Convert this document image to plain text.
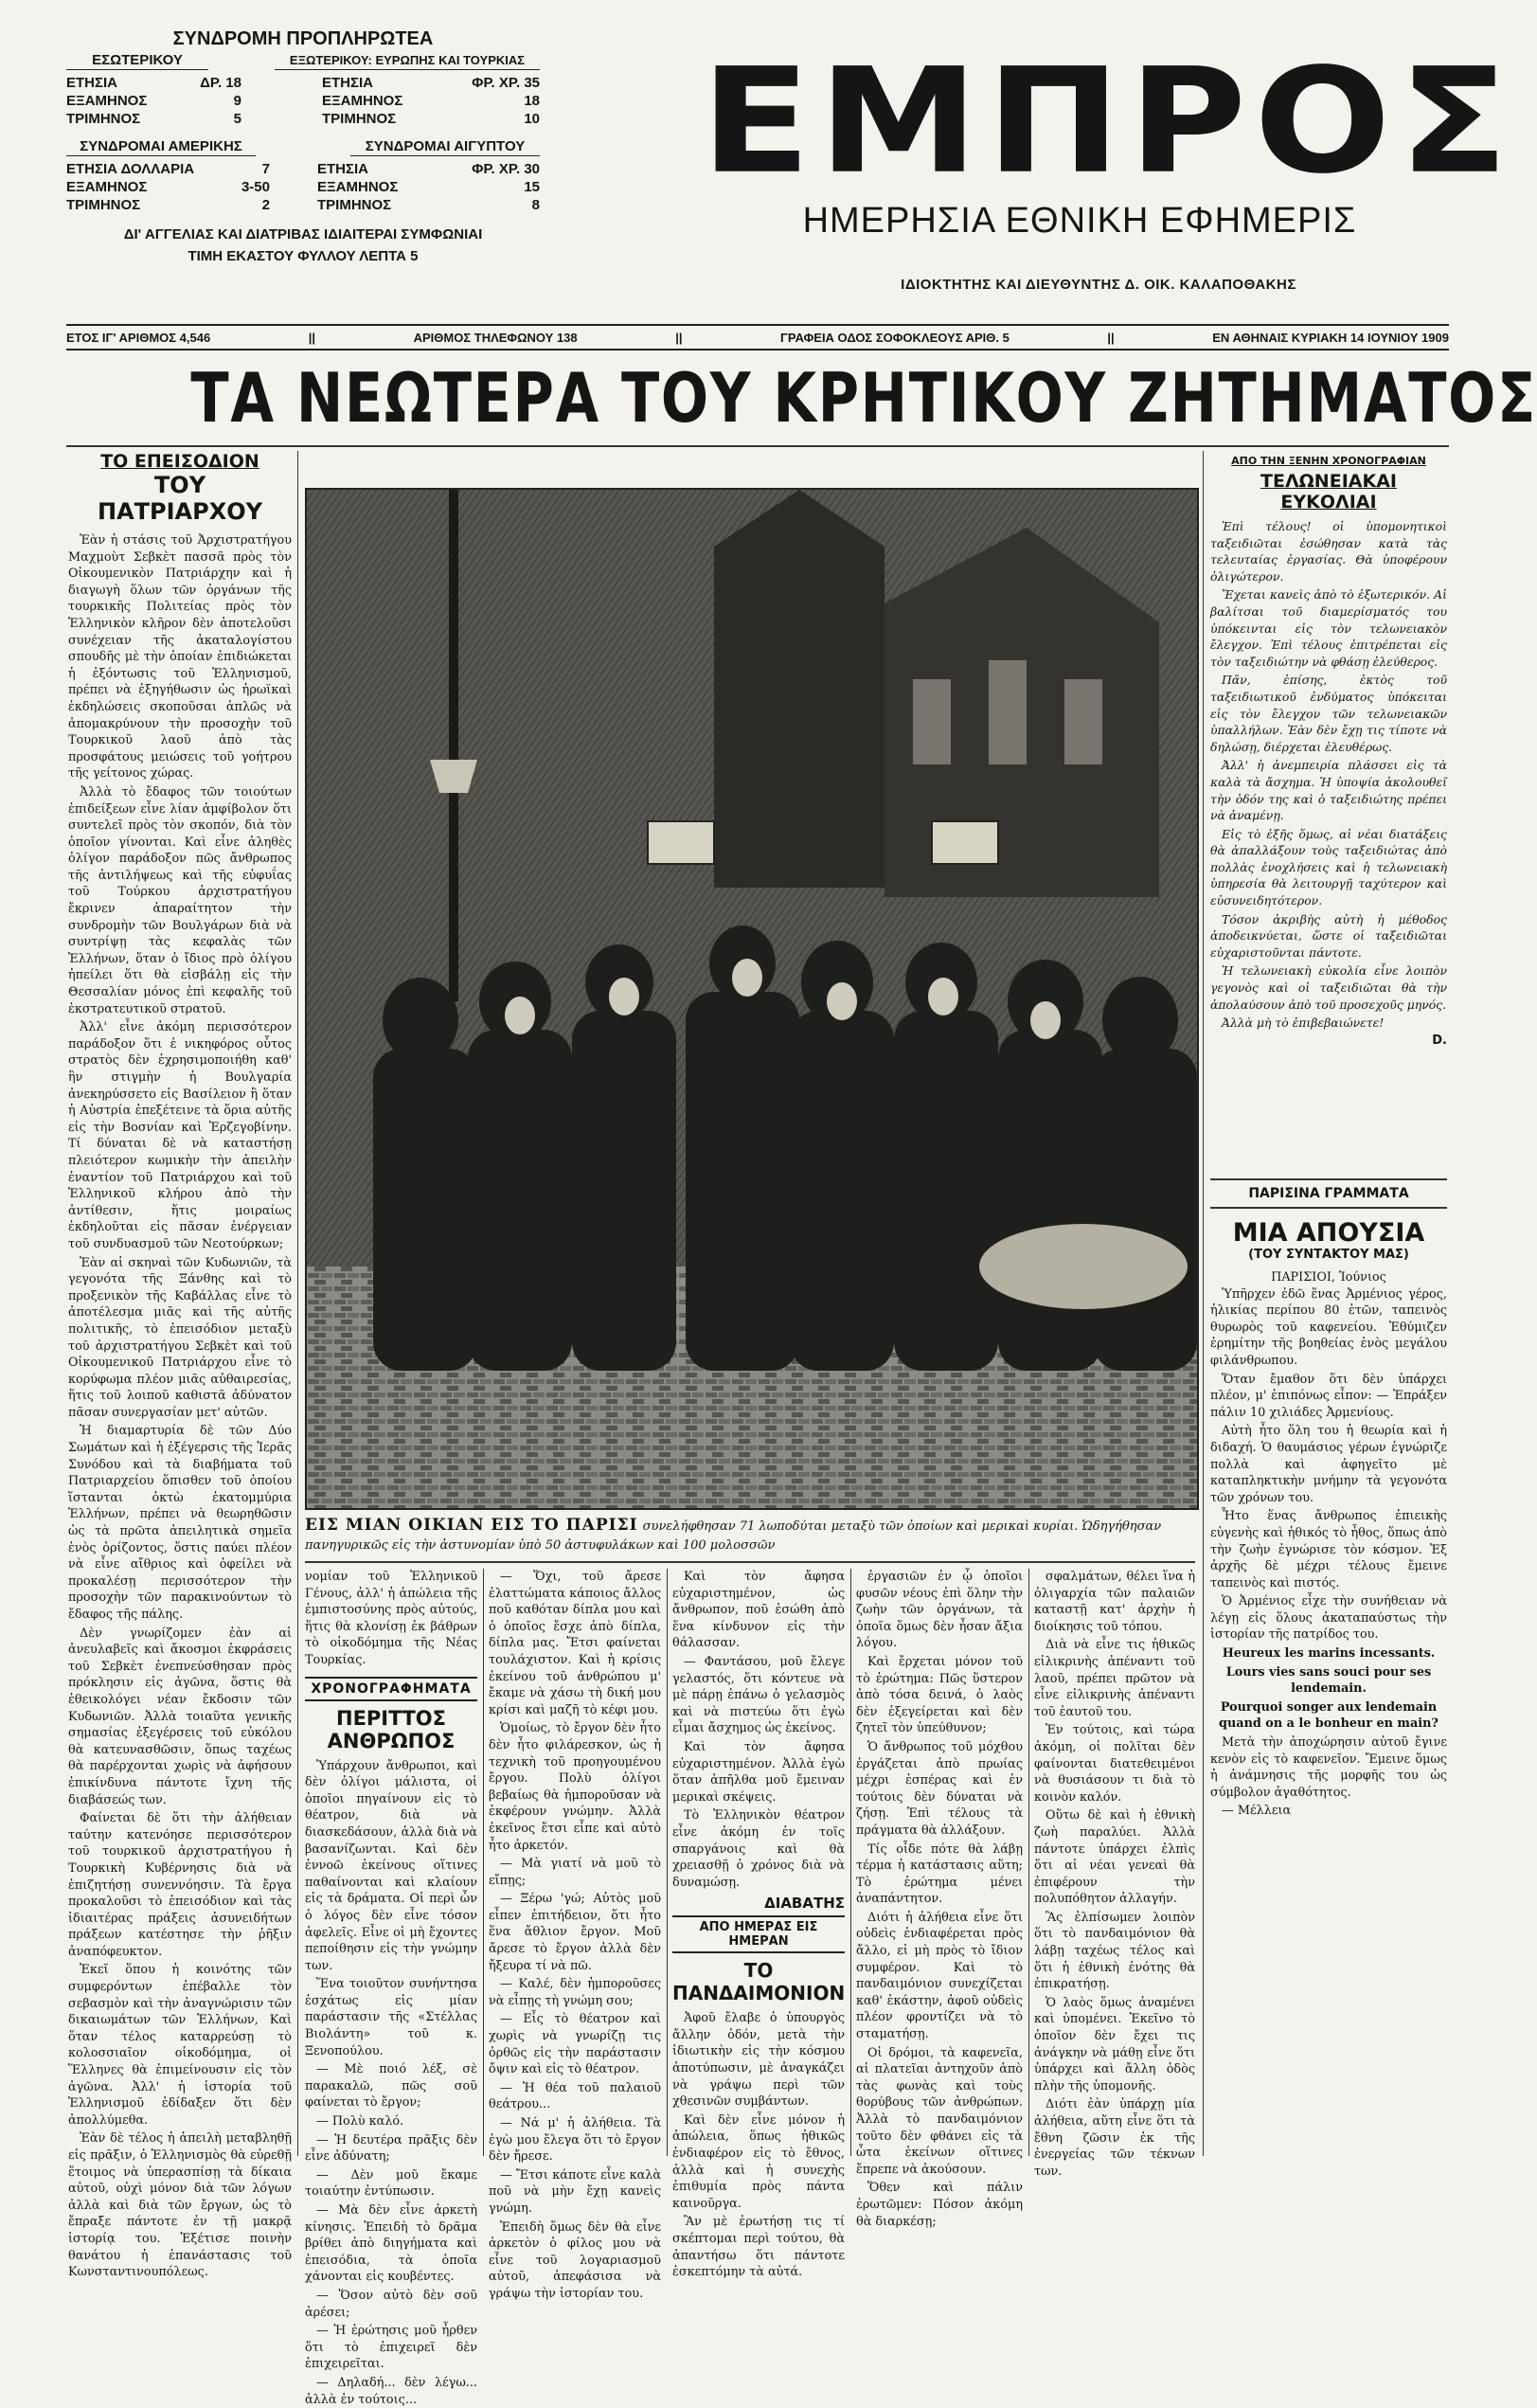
ΣΥΝΔΡΟΜΗ ΠΡΟΠΛΗΡΩΤΕΑ
ΕΣΩΤΕΡΙΚΟΥ	ΕΞΩΤΕΡΙΚΟΥ: ΕΥΡΩΠΗΣ ΚΑΙ ΤΟΥΡΚΙΑΣ
ΕΤΗΣΙΑ	ΔΡ. 18
ΕΞΑΜΗΝΟΣ	9
ΤΡΙΜΗΝΟΣ	5
ΕΤΗΣΙΑ	ΦΡ. ΧΡ. 35
ΕΞΑΜΗΝΟΣ	18
ΤΡΙΜΗΝΟΣ	10
ΣΥΝΔΡΟΜΑΙ ΑΜΕΡΙΚΗΣ	ΣΥΝΔΡΟΜΑΙ ΑΙΓΥΠΤΟΥ
ΕΤΗΣΙΑ ΔΟΛΛΑΡΙΑ	7
ΕΞΑΜΗΝΟΣ	3-50
ΤΡΙΜΗΝΟΣ	2
ΕΤΗΣΙΑ	ΦΡ. ΧΡ. 30
ΕΞΑΜΗΝΟΣ	15
ΤΡΙΜΗΝΟΣ	8
ΔΙ' ΑΓΓΕΛΙΑΣ ΚΑΙ ΔΙΑΤΡΙΒΑΣ ΙΔΙΑΙΤΕΡΑΙ ΣΥΜΦΩΝΙΑΙ
ΤΙΜΗ ΕΚΑΣΤΟΥ ΦΥΛΛΟΥ ΛΕΠΤΑ 5
ΕΜΠΡΟΣ
ΗΜΕΡΗΣΙΑ ΕΘΝΙΚΗ ΕΦΗΜΕΡΙΣ
ΙΔΙΟΚΤΗΤΗΣ ΚΑΙ ΔΙΕΥΘΥΝΤΗΣ Δ. ΟΙΚ. ΚΑΛΑΠΟΘΑΚΗΣ
ΕΤΟΣ ΙΓ' ΑΡΙΘΜΟΣ 4,546	||	ΑΡΙΘΜΟΣ ΤΗΛΕΦΩΝΟΥ 138	||	ΓΡΑΦΕΙΑ ΟΔΟΣ ΣΟΦΟΚΛΕΟΥΣ ΑΡΙΘ. 5	||	ΕΝ ΑΘΗΝΑΙΣ ΚΥΡΙΑΚΗ 14 ΙΟΥΝΙΟΥ 1909
ΤΑ ΝΕΩΤΕΡΑ ΤΟΥ ΚΡΗΤΙΚΟΥ ΖΗΤΗΜΑΤΟΣ
ΤΟ ΕΠΕΙΣΟΔΙΟΝ
ΤΟΥ ΠΑΤΡΙΑΡΧΟΥ

Ἐὰν ἡ στάσις τοῦ Ἀρχιστρατήγου Μαχμοὺτ Σεβκὲτ πασσᾶ πρὸς τὸν Οἰκουμενικὸν Πατριάρχην καὶ ἡ διαγωγὴ ὅλων τῶν ὀργάνων τῆς τουρκικῆς Πολιτείας πρὸς τὸν Ἑλληνικὸν κλῆρον δὲν ἀποτελοῦσι συνέχειαν τῆς ἀκαταλογίστου σπουδῆς μὲ τὴν ὁποίαν ἐπιδιώκεται ἡ ἐξόντωσις τοῦ Ἑλληνισμοῦ, πρέπει νὰ ἐξηγήθωσιν ὡς ἠρωϊκαὶ ἐκδηλώσεις σκοποῦσαι ἁπλῶς νὰ ἀπομακρύνουν τὴν προσοχὴν τοῦ Τουρκικοῦ λαοῦ ἀπὸ τὰς προσφάτους μειώσεις τοῦ γοήτρου τῆς γείτονος χώρας.

Ἀλλὰ τὸ ἔδαφος τῶν τοιούτων ἐπιδείξεων εἶνε λίαν ἀμφίβολον ὅτι συντελεῖ πρὸς τὸν σκοπόν, διὰ τὸν ὁποῖον γίνονται. Καὶ εἶνε ἀληθὲς ὀλίγον παράδοξον πῶς ἄνθρωπος τῆς ἀντιλήψεως καὶ τῆς εὐφυΐας τοῦ Τούρκου ἀρχιστρατήγου ἔκρινεν ἀπαραίτητον τὴν συνδρομὴν τῶν Βουλγάρων διὰ νὰ συντρίψῃ τὰς κεφαλὰς τῶν Ἑλλήνων, ὅταν ὁ ἴδιος πρὸ ὀλίγου ἠπείλει ὅτι θὰ εἰσβάλῃ εἰς τὴν Θεσσαλίαν μόνος ἐπὶ κεφαλῆς τοῦ ἐκστρατευτικοῦ στρατοῦ.

Ἀλλ' εἶνε ἀκόμη περισσότερον παράδοξον ὅτι ἐ νικηφόρος οὗτος στρατὸς δὲν ἐχρησιμοποιήθη καθ' ἣν στιγμὴν ἡ Βουλγαρία ἀνεκηρύσσετο εἰς Βασίλειον ἢ ὅταν ἡ Αὐστρία ἐπεξέτεινε τὰ ὅρια αὐτῆς εἰς τὴν Βοσνίαν καὶ Ἐρζεγοβίνην. Τί δύναται δὲ νὰ καταστήσῃ πλειότερον κωμικὴν τὴν ἀπειλὴν ἐναντίον τοῦ Πατριάρχου καὶ τοῦ Ἑλληνικοῦ κλήρου ἀπὸ τὴν ἀντίθεσιν, ἥτις μοιραίως ἐκδηλοῦται εἰς πᾶσαν ἐνέργειαν τοῦ συνδυασμοῦ τῶν Νεοτούρκων;

Ἐὰν αἱ σκηναὶ τῶν Κυδωνιῶν, τὰ γεγονότα τῆς Ξάνθης καὶ τὸ προξενικὸν τῆς Καβάλλας εἶνε τὸ ἀποτέλεσμα μιᾶς καὶ τῆς αὐτῆς πολιτικῆς, τὸ ἐπεισόδιον μεταξὺ τοῦ ἀρχιστρατήγου Σεβκὲτ καὶ τοῦ Οἰκουμενικοῦ Πατριάρχου εἶνε τὸ κορύφωμα πλέον μιᾶς αὐθαιρεσίας, ἥτις τοῦ λοιποῦ καθιστᾶ ἀδύνατον πᾶσαν συνεργασίαν μετ' αὐτῶν.

Ἡ διαμαρτυρία δὲ τῶν Δύο Σωμάτων καὶ ἡ ἐξέγερσις τῆς Ἱερᾶς Συνόδου καὶ τὰ διαβήματα τοῦ Πατριαρχείου ὅπισθεν τοῦ ὁποίου ἵστανται ὀκτὼ ἑκατομμύρια Ἑλλήνων, πρέπει νὰ θεωρηθῶσιν ὡς τὰ πρῶτα ἀπειλητικὰ σημεῖα ἑνὸς ὁρίζοντος, ὅστις παύει πλέον νὰ εἶνε αἴθριος καὶ ὀφείλει νὰ προκαλέσῃ περισσότερον τὴν προσοχὴν τῶν παρακινούντων τὸ ἔδαφος τῆς πάλης.

Δὲν γνωρίζομεν ἐὰν αἱ ἀνευλαβεῖς καὶ ἄκοσμοι ἐκφράσεις τοῦ Σεβκὲτ ἐνεπνεύσθησαν πρὸς πρόκλησιν εἰς ἀγῶνα, ὅστις θὰ ἐθεικολόγει νέαν ἔκδοσιν τῶν Κυδωνιῶν. Ἀλλὰ τοιαῦτα γενικῆς σημασίας ἐξεγέρσεις τοῦ εὐκόλου θὰ κατευνασθῶσιν, ὅπως ταχέως θὰ παρέρχονται χωρὶς νὰ ἀφήσουν ἐπικίνδυνα πάντοτε ἴχνη τῆς διαβάσεώς των.

Φαίνεται δὲ ὅτι τὴν ἀλήθειαν ταύτην κατενόησε περισσότερον τοῦ τουρκικοῦ ἀρχιστρατήγου ἡ Τουρκικὴ Κυβέρνησις διὰ νὰ ἐπιζητήσῃ συνεννόησιν. Τὰ ἔργα προκαλοῦσι τὸ ἐπεισόδιον καὶ τὰς ἰδιαιτέρας πράξεις ἀσυνειδήτων πράξεων κατέστησε τὴν ῥῆξιν ἀναπόφευκτον.

Ἐκεῖ ὅπου ἡ κοινότης τῶν συμφερόντων ἐπέβαλλε τὸν σεβασμὸν καὶ τὴν ἀναγνώρισιν τῶν δικαιωμάτων τῶν Ἑλλήνων, Καὶ ὅταν τέλος καταρρεύσῃ τὸ κολοσσιαῖον οἰκοδόμημα, οἱ Ἕλληνες θὰ ἐπιμείνουσιν εἰς τὸν ἀγῶνα. Ἀλλ' ἡ ἱστορία τοῦ Ἑλληνισμοῦ ἐδίδαξεν ὅτι δὲν ἀπολλύμεθα.

Ἐὰν δὲ τέλος ἡ ἀπειλὴ μεταβληθῇ εἰς πρᾶξιν, ὁ Ἑλληνισμὸς θὰ εὑρεθῇ ἕτοιμος νὰ ὑπερασπίσῃ τὰ δίκαια αὐτοῦ, οὐχὶ μόνον διὰ τῶν λόγων ἀλλὰ καὶ διὰ τῶν ἔργων, ὡς τὸ ἔπραξε πάντοτε ἐν τῇ μακρᾷ ἱστορίᾳ του. Ἐξέτισε ποινὴν θανάτου ἡ ἐπανάστασις τοῦ Κωνσταντινουπόλεως.

ΕΙΣ ΜΙΑΝ ΟΙΚΙΑΝ ΕΙΣ ΤΟ ΠΑΡΙΣΙ συνελήφθησαν 71 λωποδύται μεταξὺ τῶν ὁποίων καὶ μερικαὶ κυρίαι. Ὡδηγήθησαν πανηγυρικῶς εἰς τὴν ἀστυνομίαν ὑπὸ 50 ἀστυφυλάκων καὶ 100 μολοσσῶν

νομίαν τοῦ Ἑλληνικοῦ Γένους, ἀλλ' ἡ ἀπώλεια τῆς ἐμπιστοσύνης πρὸς αὐτούς, ἥτις θὰ κλονίσῃ ἐκ βάθρων τὸ οἰκοδόμημα τῆς Νέας Τουρκίας.

ΧΡΟΝΟΓΡΑΦΗΜΑΤΑ
ΠΕΡΙΤΤΟΣ ΑΝΘΡΩΠΟΣ

Ὑπάρχουν ἄνθρωποι, καὶ δὲν ὀλίγοι μάλιστα, οἱ ὁποῖοι πηγαίνουν εἰς τὸ θέατρον, διὰ νὰ διασκεδάσουν, ἀλλὰ διὰ νὰ βασανίζωνται. Καὶ δὲν ἐννοῶ ἐκείνους οἵτινες παθαίνονται καὶ κλαίουν εἰς τὰ δράματα. Οἱ περὶ ὧν ὁ λόγος δὲν εἶνε τόσον ἀφελεῖς. Εἶνε οἱ μὴ ἔχοντες πεποίθησιν εἰς τὴν γνώμην των.

Ἕνα τοιοῦτον συνήντησα ἐσχάτως εἰς μίαν παράστασιν τῆς «Στέλλας Βιολάντη» τοῦ κ. Ξενοπούλου.

— Μὲ ποιό λέξ, σὲ παρακαλῶ, πῶς σοῦ φαίνεται τὸ ἔργον;

— Πολὺ καλό.

— Ἡ δευτέρα πρᾶξις δὲν εἶνε ἀδύνατη;

— Δὲν μοῦ ἔκαμε τοιαύτην ἐντύπωσιν.

— Μὰ δὲν εἶνε ἀρκετὴ κίνησις. Ἐπειδὴ τὸ δρᾶμα βρίθει ἀπὸ διηγήματα καὶ ἐπεισόδια, τὰ ὁποῖα χάνονται εἰς κουβέντες.

— Ὅσον αὐτὸ δὲν σοῦ ἀρέσει;

— Ἡ ἐρώτησις μοῦ ἦρθεν ὅτι τὸ ἐπιχειρεῖ δὲν ἐπιχειρεῖται.

— Δηλαδή... δὲν λέγω... ἀλλὰ ἐν τούτοις...

— Ὅχι, τοῦ ἄρεσε ἐλαττώματα κάποιος ἄλλος ποῦ καθόταν δίπλα μου καὶ ὁ ὁποῖος ἔσχε ἀπὸ δίπλα, δίπλα μας. Ἔτσι φαίνεται τουλάχιστον. Καὶ ἡ κρίσις ἐκείνου τοῦ ἀνθρώπου μ' ἔκαμε νὰ χάσω τὴ δική μου κρίσι καὶ μαζῆ τὸ κέφι μου.

Ὁμοίως, τὸ ἔργον δὲν ἦτο δὲν ἦτο φιλάρεσκον, ὡς ἡ τεχνικὴ τοῦ προηγουμένου ἔργου. Πολὺ ὁλίγοι βεβαίως θὰ ἠμποροῦσαν νὰ ἐκφέρουν γνώμην. Ἀλλὰ ἐκεῖνος ἔτσι εἶπε καὶ αὐτὸ ἦτο ἀρκετόν.

— Μὰ γιατί νὰ μοῦ τὸ εἴπῃς;

— Ξέρω 'γώ; Αὐτὸς μοῦ εἶπεν ἐπιτήδειον, ὅτι ἦτο ἕνα ἄθλιον ἔργον. Μοῦ ἄρεσε τὸ ἔργον ἀλλὰ δὲν ἤξευρα τί νὰ πῶ.

— Καλέ, δὲν ἠμποροῦσες νὰ εἶπῃς τὴ γνώμη σου;

— Εἶς τὸ θέατρον καὶ χωρὶς νὰ γνωρίζῃ τις ὀρθῶς εἰς τὴν παράστασιν ὄψιν καὶ εἰς τὸ θέατρον.

— Ἡ θέα τοῦ παλαιοῦ θεάτρου...

— Νά μ' ἡ ἀλήθεια. Τὰ ἐγὼ μου ἔλεγα ὅτι τὸ ἔργον δὲν ἤρεσε.

— Ἔτσι κάποτε εἶνε καλὰ ποῦ νὰ μὴν ἔχῃ κανεὶς γνώμη.

Ἐπειδὴ ὅμως δὲν θὰ εἶνε ἀρκετὸν ὁ φίλος μου νὰ εἶνε τοῦ λογαριασμοῦ αὐτοῦ, ἀπεφάσισα νὰ γράψω τὴν ἱστορίαν του.

Καὶ τὸν ἄφησα εὐχαριστημένον, ὡς ἄνθρωπον, ποῦ ἐσώθη ἀπὸ ἕνα κίνδυνον εἰς τὴν θάλασσαν.

— Φαντάσου, μοῦ ἔλεγε γελαστός, ὅτι κόντευε νὰ μὲ πάρῃ ἐπάνω ὁ γελασμὸς καὶ νὰ πιστεύω ὅτι ἐγὼ εἶμαι ἄσχημος ὡς ἐκείνος.

Καὶ τὸν ἄφησα εὐχαριστημένον. Ἀλλὰ ἐγὼ ὅταν ἀπῆλθα μοῦ ἔμειναν μερικαὶ σκέψεις.

Τὸ Ἑλληνικὸν θέατρον εἶνε ἀκόμη ἐν τοῖς σπαργάνοις καὶ θὰ χρειασθῇ ὁ χρόνος διὰ νὰ δυναμώσῃ.

ΔΙΑΒΑΤΗΣ
ΑΠΟ ΗΜΕΡΑΣ ΕΙΣ ΗΜΕΡΑΝ
ΤΟ ΠΑΝΔΑΙΜΟΝΙΟΝ

Ἀφοῦ ἔλαβε ὁ ὑπουργὸς ἄλλην ὁδόν, μετὰ τὴν ἰδιωτικὴν εἰς τὴν κόσμου ἀποτύπωσιν, μὲ ἀναγκάζει νὰ γράψω περὶ τῶν χθεσινῶν συμβάντων.

Καὶ δὲν εἶνε μόνον ἡ ἀπώλεια, ὅπως ἠθικῶς ἐνδιαφέρον εἰς τὸ ἔθνος, ἀλλὰ καὶ ἡ συνεχὴς ἐπιθυμία πρὸς πάντα καινοῦργα.

Ἂν μὲ ἐρωτήσῃ τις τί σκέπτομαι περὶ τούτου, θὰ ἀπαντήσω ὅτι πάντοτε ἐσκεπτόμην τὰ αὐτά.

ἐργασιῶν ἐν ᾧ ὁποῖοι φυσῶν νέους ἐπὶ ὅλην τὴν ζωὴν τῶν ὀργάνων, τὰ ὁποῖα ὅμως δὲν ἦσαν ἄξια λόγου.

Καὶ ἔρχεται μόνον τοῦ τὸ ἐρώτημα: Πῶς ὕστερον ἀπὸ τόσα δεινά, ὁ λαὸς δὲν ἐξεγείρεται καὶ δὲν ζητεῖ τὸν ὑπεύθυνον;

Ὁ ἄνθρωπος τοῦ μόχθου ἐργάζεται ἀπὸ πρωίας μέχρι ἑσπέρας καὶ ἐν τούτοις δὲν δύναται νὰ ζήσῃ. Ἐπὶ τέλους τὰ πράγματα θὰ ἀλλάξουν.

Τίς οἶδε πότε θὰ λάβῃ τέρμα ἡ κατάστασις αὕτη; Τὸ ἐρώτημα μένει ἀναπάντητον.

Διότι ἡ ἀλήθεια εἶνε ὅτι οὐδεὶς ἐνδιαφέρεται πρὸς ἄλλο, εἰ μὴ πρὸς τὸ ἴδιον συμφέρον. Καὶ τὸ πανδαιμόνιον συνεχίζεται καθ' ἑκάστην, ἀφοῦ οὐδεὶς πλέον φροντίζει νὰ τὸ σταματήσῃ.

Οἱ δρόμοι, τὰ καφενεῖα, αἱ πλατεῖαι ἀντηχοῦν ἀπὸ τὰς φωνὰς καὶ τοὺς θορύβους τῶν ἀνθρώπων. Ἀλλὰ τὸ πανδαιμόνιον τοῦτο δὲν φθάνει εἰς τὰ ὦτα ἐκείνων οἵτινες ἔπρεπε νὰ ἀκούσουν.

Ὅθεν καὶ πάλιν ἐρωτῶμεν: Πόσον ἀκόμη θὰ διαρκέσῃ;

σφαλμάτων, θέλει ἵνα ἡ ὀλιγαρχία τῶν παλαιῶν καταστῇ κατ' ἀρχὴν ἡ διοίκησις τοῦ τόπου.

Διὰ νὰ εἶνε τις ἠθικῶς εἰλικρινὴς ἀπέναντι τοῦ λαοῦ, πρέπει πρῶτον νὰ εἶνε εἰλικρινὴς ἀπέναντι τοῦ ἑαυτοῦ του.

Ἐν τούτοις, καὶ τώρα ἀκόμη, οἱ πολῖται δὲν φαίνονται διατεθειμένοι νὰ θυσιάσουν τι διὰ τὸ κοινὸν καλόν.

Οὕτω δὲ καὶ ἡ ἐθνικὴ ζωὴ παραλύει. Ἀλλὰ πάντοτε ὑπάρχει ἐλπὶς ὅτι αἱ νέαι γενεαὶ θὰ ἐπιφέρουν τὴν πολυπόθητον ἀλλαγήν.

Ἂς ἐλπίσωμεν λοιπὸν ὅτι τὸ πανδαιμόνιον θὰ λάβῃ ταχέως τέλος καὶ ὅτι ἡ ἐθνικὴ ἐνότης θὰ ἐπικρατήσῃ.

Ὁ λαὸς ὅμως ἀναμένει καὶ ὑπομένει. Ἐκεῖνο τὸ ὁποῖον δὲν ἔχει τις ἀνάγκην νὰ μάθῃ εἶνε ὅτι ὑπάρχει καὶ ἄλλη ὁδὸς πλὴν τῆς ὑπομονῆς.

Διότι ἐὰν ὑπάρχῃ μία ἀλήθεια, αὕτη εἶνε ὅτι τὰ ἔθνη ζῶσιν ἐκ τῆς ἐνεργείας τῶν τέκνων των.

ΑΠΟ ΤΗΝ ΞΕΝΗΝ ΧΡΟΝΟΓΡΑΦΙΑΝ
ΤΕΛΩΝΕΙΑΚΑΙ ΕΥΚΟΛΙΑΙ

Ἐπὶ τέλους! οἱ ὑπομονητικοὶ ταξειδιῶται ἐσώθησαν κατὰ τὰς τελευταίας ἐργασίας. Θὰ ὑποφέρουν ὀλιγώτερον.

Ἔχεται κανεὶς ἀπὸ τὸ ἐξωτερικόν. Αἱ βαλίτσαι τοῦ διαμερίσματός του ὑπόκεινται εἰς τὸν τελωνειακὸν ἔλεγχον. Ἐπὶ τέλους ἐπιτρέπεται εἰς τὸν ταξειδιώτην νὰ φθάσῃ ἐλεύθερος.

Πᾶν, ἐπίσης, ἐκτὸς τοῦ ταξειδιωτικοῦ ἐνδύματος ὑπόκειται εἰς τὸν ἔλεγχον τῶν τελωνειακῶν ὑπαλλήλων. Ἐὰν δὲν ἔχῃ τις τίποτε νὰ δηλώσῃ, διέρχεται ἐλευθέρως.

Ἀλλ' ἡ ἀνεμπειρία πλάσσει εἰς τὰ καλὰ τὰ ἄσχημα. Ἡ ὑποψία ἀκολουθεῖ τὴν ὁδόν της καὶ ὁ ταξειδιώτης πρέπει νὰ ἀναμένῃ.

Εἰς τὸ ἐξῆς ὅμως, αἱ νέαι διατάξεις θὰ ἀπαλλάξουν τοὺς ταξειδιώτας ἀπὸ πολλὰς ἐνοχλήσεις καὶ ἡ τελωνειακὴ ὑπηρεσία θὰ λειτουργῇ ταχύτερον καὶ εὐσυνειδητότερον.

Τόσον ἀκριβὴς αὐτὴ ἡ μέθοδος ἀποδεικνύεται, ὥστε οἱ ταξειδιῶται εὐχαριστοῦνται πάντοτε.

Ἡ τελωνειακὴ εὐκολία εἶνε λοιπὸν γεγονὸς καὶ οἱ ταξειδιῶται θὰ τὴν ἀπολαύσουν ἀπὸ τοῦ προσεχοῦς μηνός.

Ἀλλὰ μὴ τὸ ἐπιβεβαιώνετε!

D.
ΠΑΡΙΣΙΝΑ ΓΡΑΜΜΑΤΑ
ΜΙΑ ΑΠΟΥΣΙΑ
(ΤΟΥ ΣΥΝΤΑΚΤΟΥ ΜΑΣ)
ΠΑΡΙΣΙΟΙ, Ἰούνιος

Ὑπῆρχεν ἐδῶ ἕνας Ἀρμένιος γέρος, ἡλικίας περίπου 80 ἐτῶν, ταπεινὸς θυρωρὸς τοῦ καφενείου. Ἐθύμιζεν ἐρημίτην τῆς βοηθείας ἐνὸς μεγάλου φιλάνθρωπου.

Ὅταν ἔμαθον ὅτι δὲν ὑπάρχει πλέον, μ' ἐπιπόνως εἶπον: — Ἐπράξεν πάλιν 10 χιλιάδες Ἀρμενίους.

Αὐτὴ ἦτο ὅλη του ἡ θεωρία καὶ ἡ διδαχή. Ὁ θαυμάσιος γέρων ἐγνώριζε πολλὰ καὶ ἀφηγεῖτο μὲ καταπληκτικὴν μνήμην τὰ γεγονότα τῶν χρόνων του.

Ἦτο ἕνας ἄνθρωπος ἐπιεικὴς εὐγενὴς καὶ ἠθικός τὸ ἦθος, ὅπως ἀπὸ τὴν ζωὴν ἐγνώρισε τὸν κόσμον. Ἐξ ἀρχῆς δὲ μέχρι τέλους ἔμεινε ταπεινὸς καὶ πιστός.

Ὁ Ἀρμένιος εἶχε τὴν συνήθειαν νὰ λέγῃ εἰς ὅλους ἀκαταπαύστως τὴν ἱστορίαν τῆς πατρίδος του.

Heureux les marins incessants.

Lours vies sans souci pour ses lendemain.

Pourquoi songer aux lendemain quand on a le bonheur en main?

Μετὰ τὴν ἀποχώρησιν αὐτοῦ ἔγινε κενὸν εἰς τὸ καφενεῖον. Ἔμεινε ὅμως ἡ ἀνάμνησις τῆς μορφῆς του ὡς σύμβολον ἀγαθότητος.

— Μέλλεια
